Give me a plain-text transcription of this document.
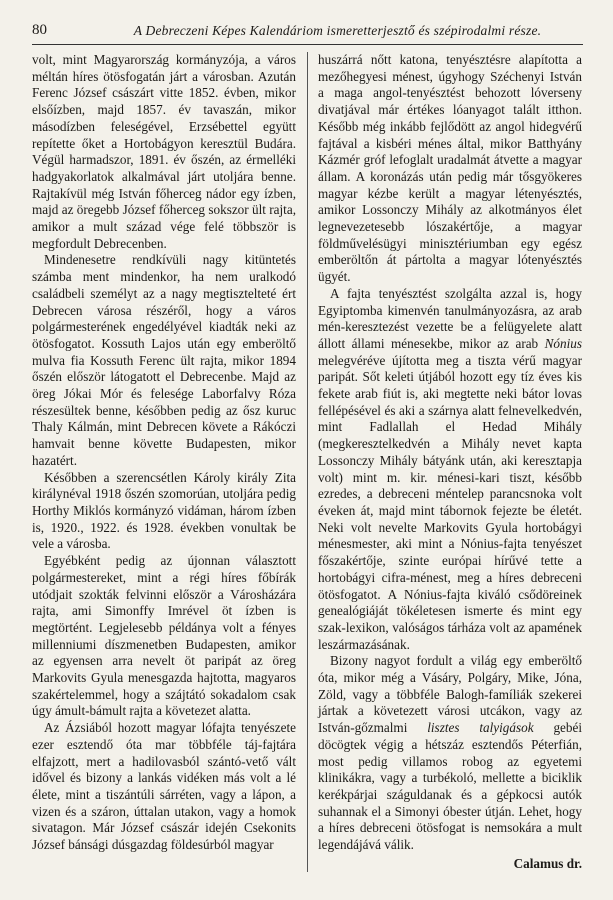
80	A Debreczeni Képes Kalendáriom ismeretterjesztő és szépirodalmi része.

volt, mint Magyarország kormányzója, a város méltán híres ötösfogatán járt a városban. Azután Ferenc József császárt vitte 1852. évben, mikor elsőízben, majd 1857. év tavaszán, mikor másodízben feleségével, Erzsébettel együtt repítette őket a Hortobágyon keresztül Budára. Végül harmadszor, 1891. év őszén, az érmelléki hadgyakorlatok alkalmával járt utoljára benne. Rajtakívül még István főherceg nádor egy ízben, majd az öregebb József főherceg sokszor ült rajta, amikor a mult század vége felé többször is megfordult Debrecenben.

Mindenesetre rendkívüli nagy kitüntetés számba ment mindenkor, ha nem uralkodó családbeli személyt az a nagy megtisztelteté ért Debrecen városa részéről, hogy a város polgármesterének engedélyével kiadták neki az ötösfogatot. Kossuth Lajos után egy emberöltő mulva fia Kossuth Ferenc ült rajta, mikor 1894 őszén először látogatott el Debrecenbe. Majd az öreg Jókai Mór és felesége Laborfalvy Róza részesültek benne, későbben pedig az ősz kuruc Thaly Kálmán, mint Debrecen követe a Rákóczi hamvait benne követte Budapesten, mikor hazatért.

Későbben a szerencsétlen Károly király Zita királynéval 1918 őszén szomorúan, utoljára pedig Horthy Miklós kormányzó vidáman, három ízben is, 1920., 1922. és 1928. években vonultak be vele a városba.

Egyébként pedig az újonnan választott polgármestereket, mint a régi híres főbírák utódjait szokták felvinni először a Városházára rajta, ami Simonffy Imrével öt ízben is megtörtént. Legjelesebb példánya volt a fényes millenniumi díszmenetben Budapesten, amikor az egyensen arra nevelt öt paripát az öreg Markovits Gyula menesgazda hajtotta, magyaros szakértelemmel, hogy a szájtátó sokadalom csak úgy ámult-bámult rajta a követezet alatta.

Az Ázsiából hozott magyar lófajta tenyészete ezer esztendő óta mar többféle táj-fajtára elfajzott, mert a hadilovasból szántó-vető vált idővel és bizony a lankás vidéken más volt a lé élete, mint a tiszántúli sárréten, vagy a lápon, a vizen és a száron, úttalan utakon, vagy a homok sivatagon. Már József császár idején Csekonits József bánsági dúsgazdag földesúrból magyar

huszárrá nőtt katona, tenyésztésre alapította a mezőhegyesi ménest, úgyhogy Széchenyi István a maga angol-tenyésztést behozott lóverseny divatjával már értékes lóanyagot talált itthon. Később még inkább fejlődött az angol hidegvérű fajtával a kisbéri ménes által, mikor Batthyány Kázmér gróf lefoglalt uradalmát átvette a magyar állam. A koronázás után pedig már tősgyökeres magyar kézbe került a magyar létenyésztés, amikor Lossonczy Mihály az alkotmányos élet legnevezetesebb lószakértője, a magyar földművelésügyi minisztériumban egy egész emberöltőn át pártolta a magyar lótenyésztés ügyét.

A fajta tenyésztést szolgálta azzal is, hogy Egyiptomba kimenvén tanulmányozásra, az arab mén-keresztezést vezette be a felügyelete alatt állott állami ménesekbe, mikor az arab Nónius melegvéréve újította meg a tiszta vérű magyar paripát. Sőt keleti útjából hozott egy tíz éves kis fekete arab fiút is, aki megtette neki bátor lovas fellépésével és aki a szárnya alatt felnevelkedvén, mint Fadlallah el Hedad Mihály (megkeresztelkedvén a Mihály nevet kapta Lossonczy Mihály bátyánk után, aki keresztapja volt) mint m. kir. ménesi-kari tiszt, később ezredes, a debreceni méntelep parancsnoka volt éveken át, majd mint tábornok fejezte be életét. Neki volt nevelte Markovits Gyula hortobágyi ménesmester, aki mint a Nónius-fajta tenyészet főszakértője, szinte európai hírűvé tette a hortobágyi cifra-ménest, meg a híres debreceni ötösfogatot. A Nónius-fajta kiváló csődöreinek genealógiáját tökéletesen ismerte és mint egy szak-lexikon, valóságos tárháza volt az apamének leszármazásának.

Bizony nagyot fordult a világ egy emberöltő óta, mikor még a Vásáry, Polgáry, Mike, Jóna, Zöld, vagy a többféle Balogh-famíliák szekerei jártak a követezett városi utcákon, vagy az István-gőzmalmi lisztes talyigások gebéi döcögtek végig a hétszáz esztendős Péterfián, most pedig villamos robog az egyetemi klinikákra, vagy a turbékoló, mellette a biciklik kerékpárjai száguldanak és a gépkocsi autók suhannak el a Simonyi óbester útján. Lehet, hogy a híres debreceni ötösfogat is nemsokára a mult legendájává válik.

Calamus dr.
